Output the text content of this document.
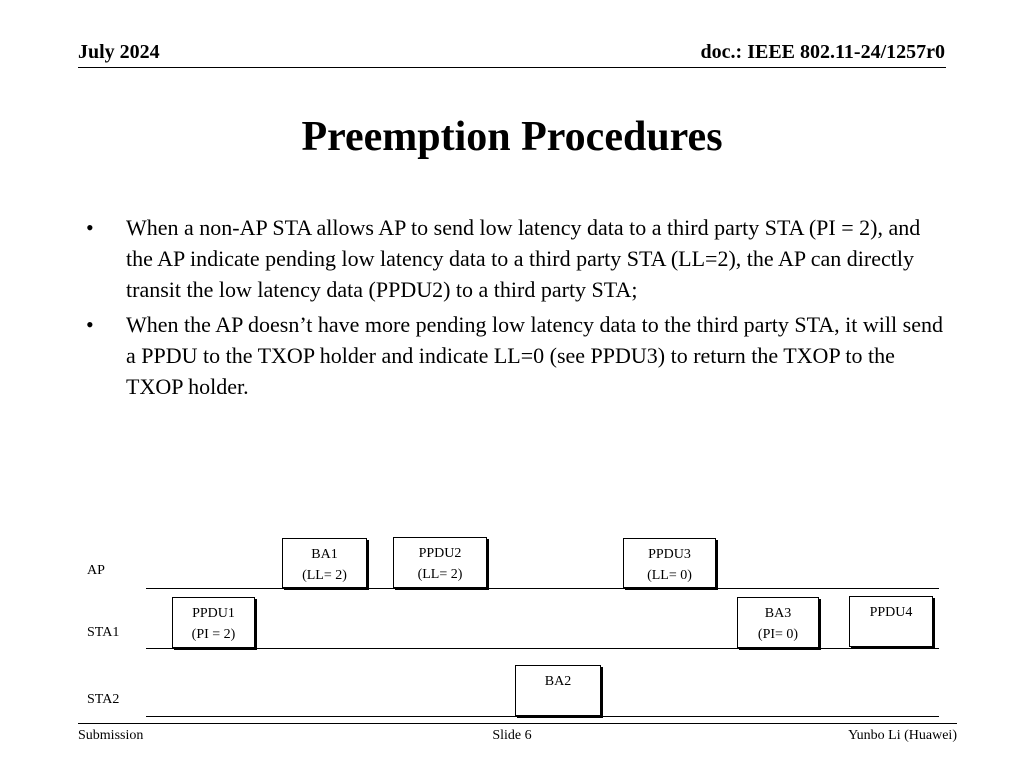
July 2024	doc.: IEEE 802.11-24/1257r0
Preemption Procedures
•	When a non-AP STA allows AP to send low latency data to a third party STA (PI = 2), and the AP indicate pending low latency data to a third party STA (LL=2), the AP can directly transit the low latency data (PPDU2) to a third party STA;
•	When the AP doesn’t have more pending low latency data to the third party STA, it will send a PPDU to the TXOP holder and indicate LL=0 (see PPDU3) to return the TXOP to the TXOP holder.
AP
STA1
STA2
BA1
(LL= 2)
PPDU2
(LL= 2)
PPDU3
(LL= 0)
PPDU1
(PI = 2)
BA3
(PI= 0)
PPDU4
BA2
Submission	Slide 6	Yunbo Li (Huawei)
